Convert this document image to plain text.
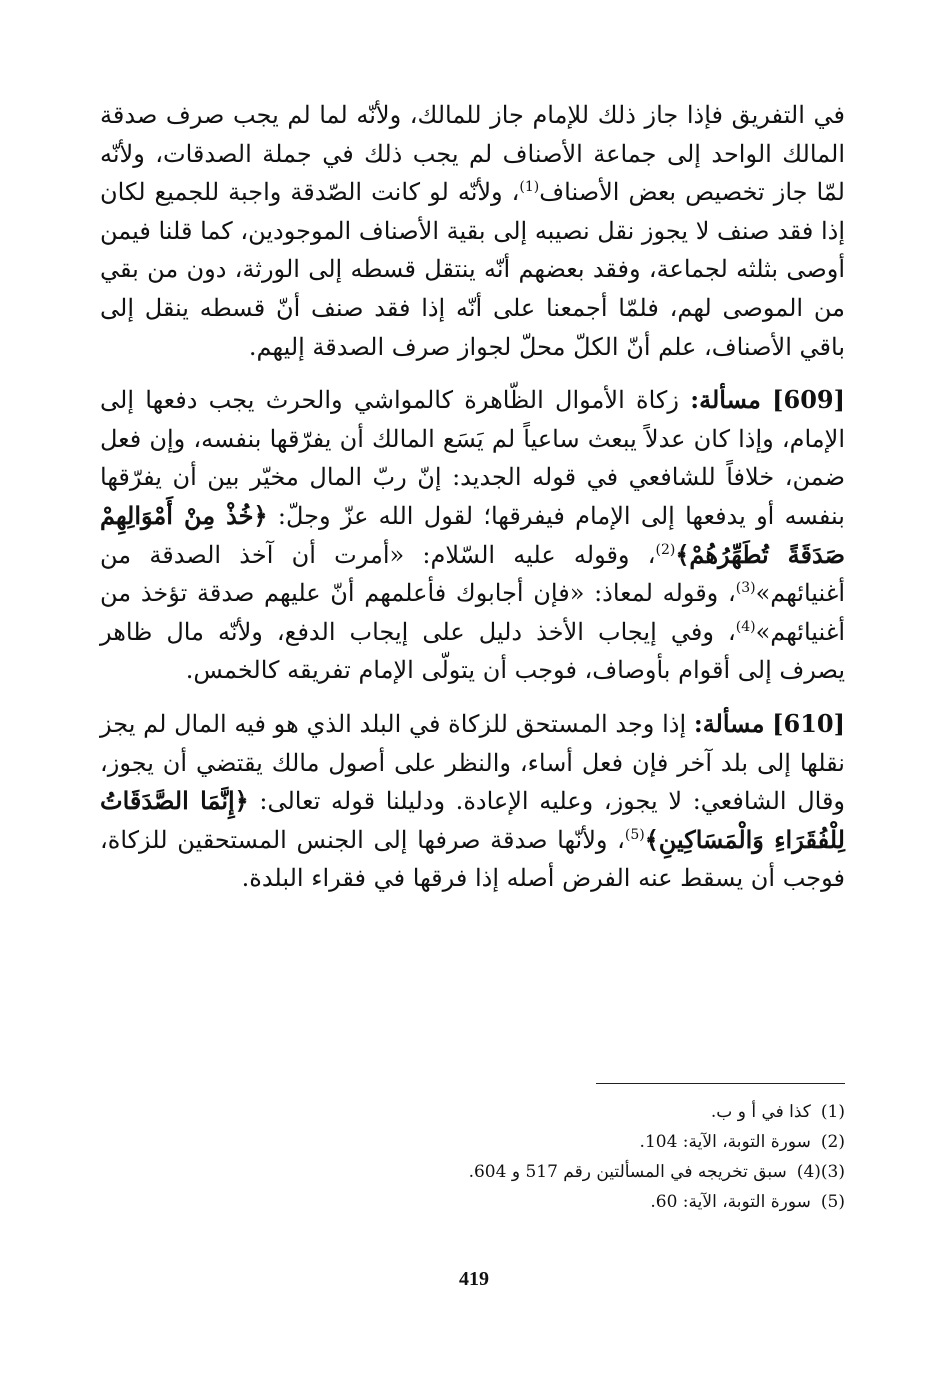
في التفريق فإذا جاز ذلك للإمام جاز للمالك، ولأنّه لما لم يجب صرف صدقة المالك الواحد إلى جماعة الأصناف لم يجب ذلك في جملة الصدقات، ولأنّه لمّا جاز تخصيص بعض الأصناف$^{(1)}$، ولأنّه لو كانت الصّدقة واجبة للجميع لكان إذا فقد صنف لا يجوز نقل نصيبه إلى بقية الأصناف الموجودين، كما قلنا فيمن أوصى بثلثه لجماعة، وفقد بعضهم أنّه ينتقل قسطه إلى الورثة، دون من بقي من الموصى لهم، فلمّا أجمعنا على أنّه إذا فقد صنف أنّ قسطه ينقل إلى باقي الأصناف، علم أنّ الكلّ محلّ لجواز صرف الصدقة إليهم.

[609] مسألة: زكاة الأموال الظّاهرة كالمواشي والحرث يجب دفعها إلى الإمام، وإذا كان عدلاً يبعث ساعياً لم يَسَع المالك أن يفرّقها بنفسه، وإن فعل ضمن، خلافاً للشافعي في قوله الجديد: إنّ ربّ المال مخيّر بين أن يفرّقها بنفسه أو يدفعها إلى الإمام فيفرقها؛ لقول الله عزّ وجلّ: ﴿خُذْ مِنْ أَمْوَالِهِمْ صَدَقَةً تُطَهِّرُهُمْ﴾$^{(2)}$، وقوله عليه السّلام: «أمرت أن آخذ الصدقة من أغنيائهم»$^{(3)}$، وقوله لمعاذ: «فإن أجابوك فأعلمهم أنّ عليهم صدقة تؤخذ من أغنيائهم»$^{(4)}$، وفي إيجاب الأخذ دليل على إيجاب الدفع، ولأنّه مال ظاهر يصرف إلى أقوام بأوصاف، فوجب أن يتولّى الإمام تفريقه كالخمس.

[610] مسألة: إذا وجد المستحق للزكاة في البلد الذي هو فيه المال لم يجز نقلها إلى بلد آخر فإن فعل أساء، والنظر على أصول مالك يقتضي أن يجوز، وقال الشافعي: لا يجوز، وعليه الإعادة. ودليلنا قوله تعالى: ﴿إِنَّمَا الصَّدَقَاتُ لِلْفُقَرَاءِ وَالْمَسَاكِينِ﴾$^{(5)}$، ولأنّها صدقة صرفها إلى الجنس المستحقين للزكاة، فوجب أن يسقط عنه الفرض أصله إذا فرقها في فقراء البلدة.

(1)كذا في أ و ب.
(2)سورة التوبة، الآية: 104.
(3)(4)سبق تخريجه في المسألتين رقم 517 و 604.
(5)سورة التوبة، الآية: 60.
419
